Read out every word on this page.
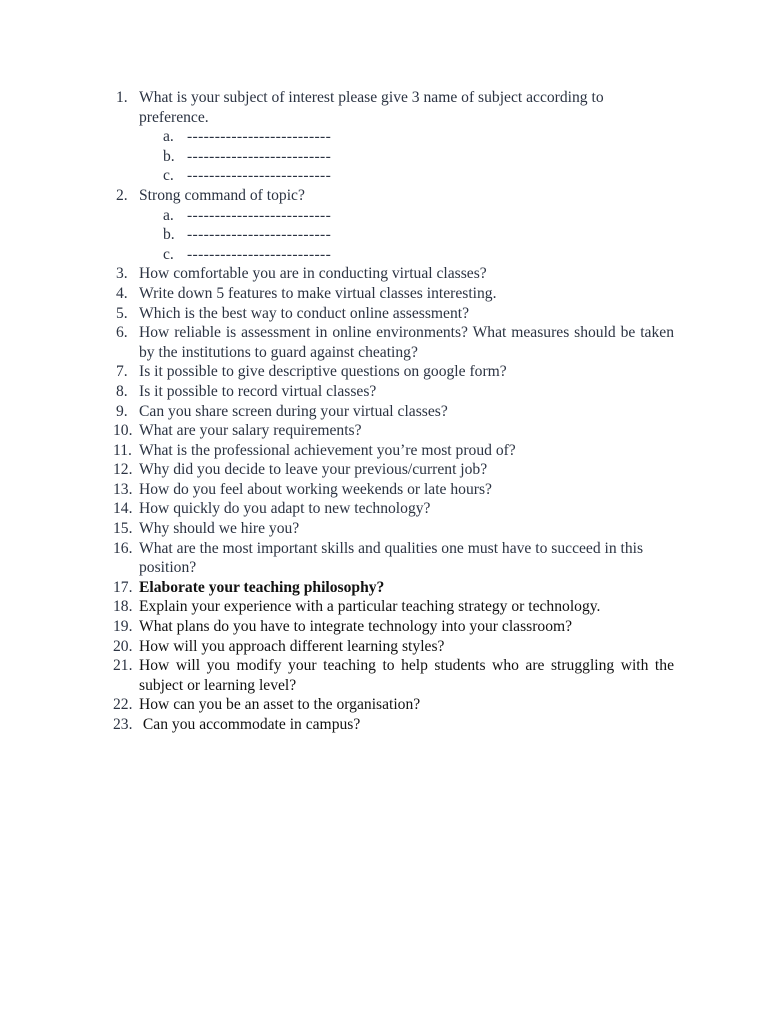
1. What is your subject of interest please give 3 name of subject according to preference.
a. --------------------------
b. --------------------------
c. --------------------------
2. Strong command of topic?
a. --------------------------
b. --------------------------
c. --------------------------
3. How comfortable you are in conducting virtual classes?
4. Write down 5 features to make virtual classes interesting.
5. Which is the best way to conduct online assessment?
6. How reliable is assessment in online environments? What measures should be taken by the institutions to guard against cheating?
7. Is it possible to give descriptive questions on google form?
8. Is it possible to record virtual classes?
9. Can you share screen during your virtual classes?
10. What are your salary requirements?
11. What is the professional achievement you’re most proud of?
12. Why did you decide to leave your previous/current job?
13. How do you feel about working weekends or late hours?
14. How quickly do you adapt to new technology?
15. Why should we hire you?
16. What are the most important skills and qualities one must have to succeed in this position?
17. Elaborate your teaching philosophy?
18. Explain your experience with a particular teaching strategy or technology.
19. What plans do you have to integrate technology into your classroom?
20. How will you approach different learning styles?
21. How will you modify your teaching to help students who are struggling with the subject or learning level?
22. How can you be an asset to the organisation?
23. Can you accommodate in campus?
